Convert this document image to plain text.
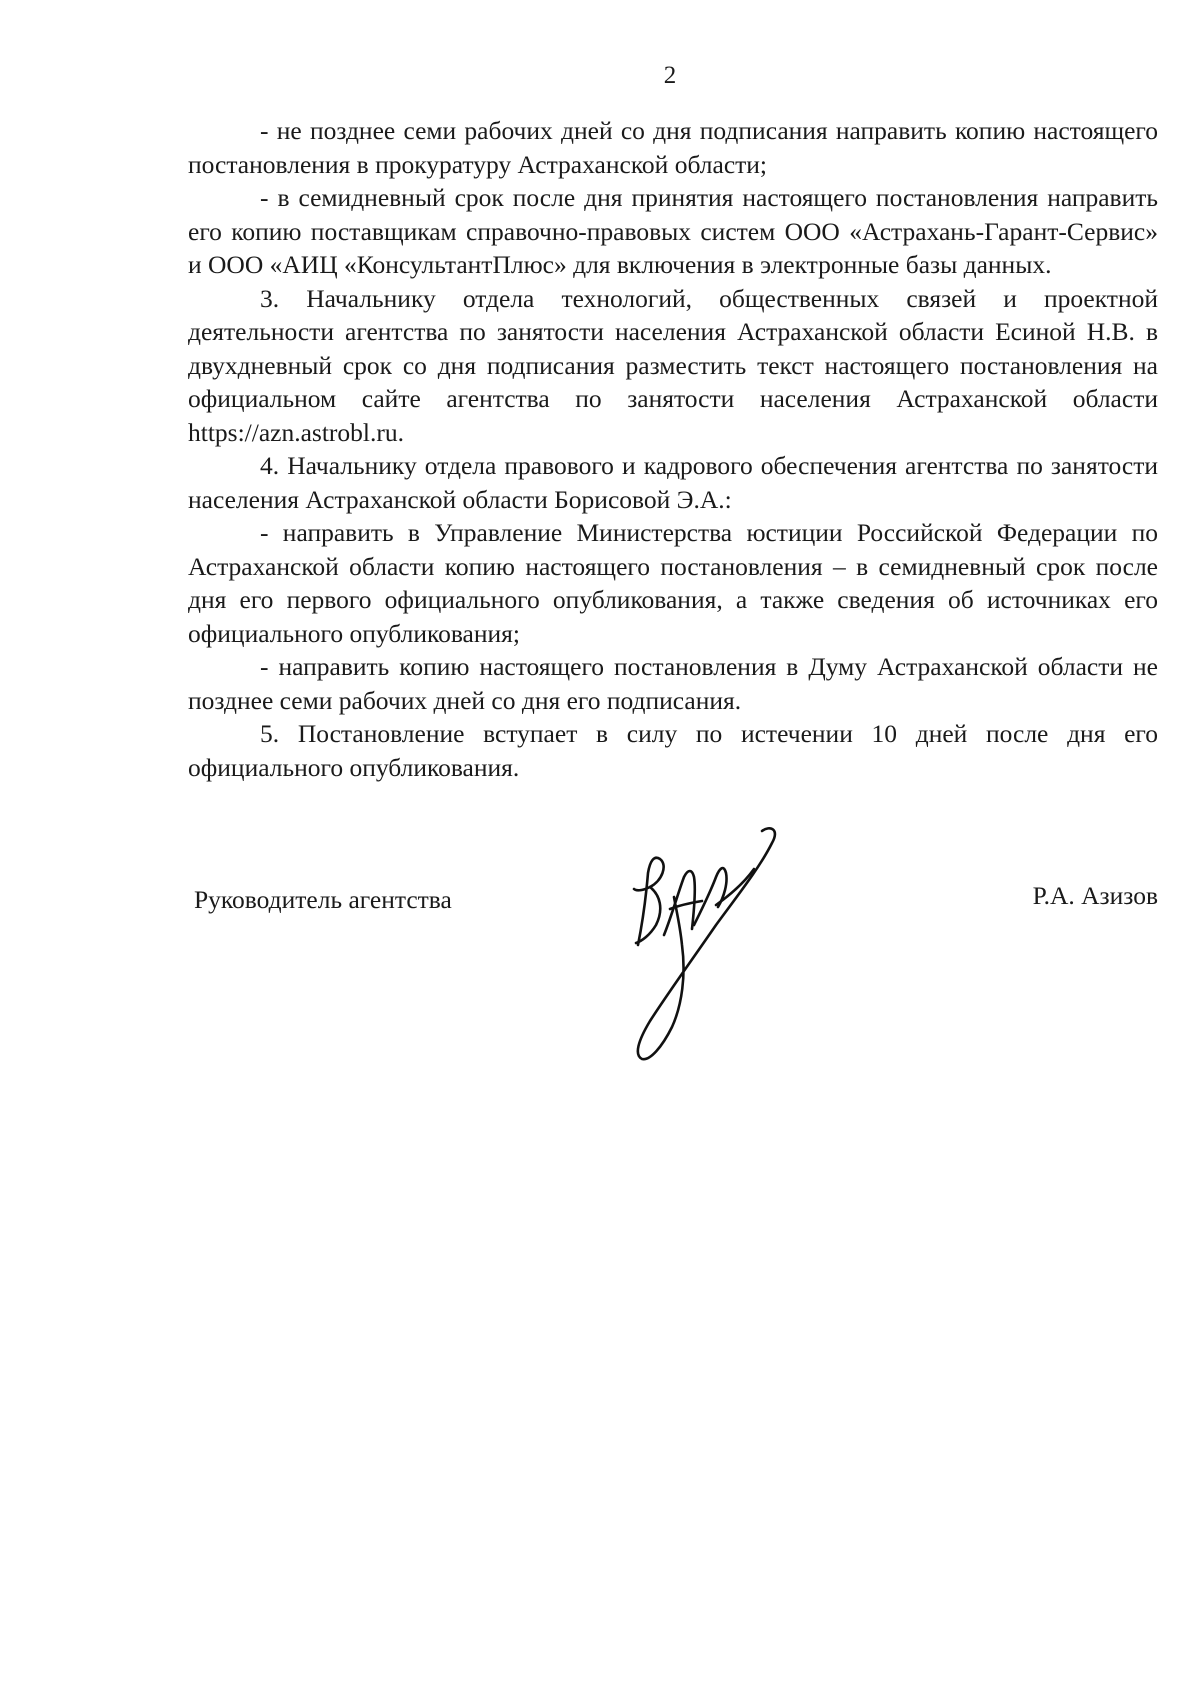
2

- не позднее семи рабочих дней со дня подписания направить копию настоящего постановления в прокуратуру Астраханской области;

- в семидневный срок после дня принятия настоящего постановления направить его копию поставщикам справочно-правовых систем ООО «Астрахань-Гарант-Сервис» и ООО «АИЦ «КонсультантПлюс» для включения в электронные базы данных.

3. Начальнику отдела технологий, общественных связей и проектной деятельности агентства по занятости населения Астраханской области Есиной Н.В. в двухдневный срок со дня подписания разместить текст настоящего постановления на официальном сайте агентства по занятости населения Астраханской области https://azn.astrobl.ru.

4. Начальнику отдела правового и кадрового обеспечения агентства по занятости населения Астраханской области Борисовой Э.А.:

- направить в Управление Министерства юстиции Российской Федерации по Астраханской области копию настоящего постановления – в семидневный срок после дня его первого официального опубликования, а также сведения об источниках его официального опубликования;

- направить копию настоящего постановления в Думу Астраханской области не позднее семи рабочих дней со дня его подписания.

5. Постановление вступает в силу по истечении 10 дней после дня его официального опубликования.

Руководитель агентства	Р.А. Азизов
